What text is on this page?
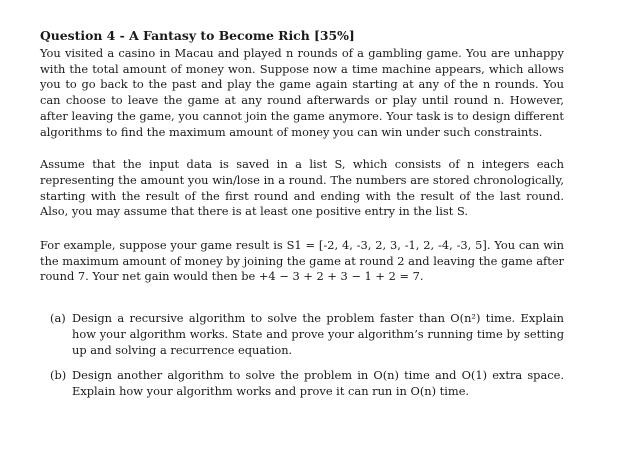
Question 4 - A Fantasy to Become Rich [35%]

You visited a casino in Macau and played n rounds of a gambling game. You are unhappy with the total amount of money won. Suppose now a time machine appears, which allows you to go back to the past and play the game again starting at any of the n rounds. You can choose to leave the game at any round afterwards or play until round n. However, after leaving the game, you cannot join the game anymore. Your task is to design different algorithms to find the maximum amount of money you can win under such constraints.

Assume that the input data is saved in a list S, which consists of n integers each representing the amount you win/lose in a round. The numbers are stored chronologically, starting with the result of the first round and ending with the result of the last round. Also, you may assume that there is at least one positive entry in the list S.

For example, suppose your game result is S1 = [-2, 4, -3, 2, 3, -1, 2, -4, -3, 5]. You can win the maximum amount of money by joining the game at round 2 and leaving the game after round 7. Your net gain would then be +4 − 3 + 2 + 3 − 1 + 2 = 7.

(a) Design a recursive algorithm to solve the problem faster than O(n²) time. Explain how your algorithm works. State and prove your algorithm’s running time by setting up and solving a recurrence equation.
(b) Design another algorithm to solve the problem in O(n) time and O(1) extra space. Explain how your algorithm works and prove it can run in O(n) time.
